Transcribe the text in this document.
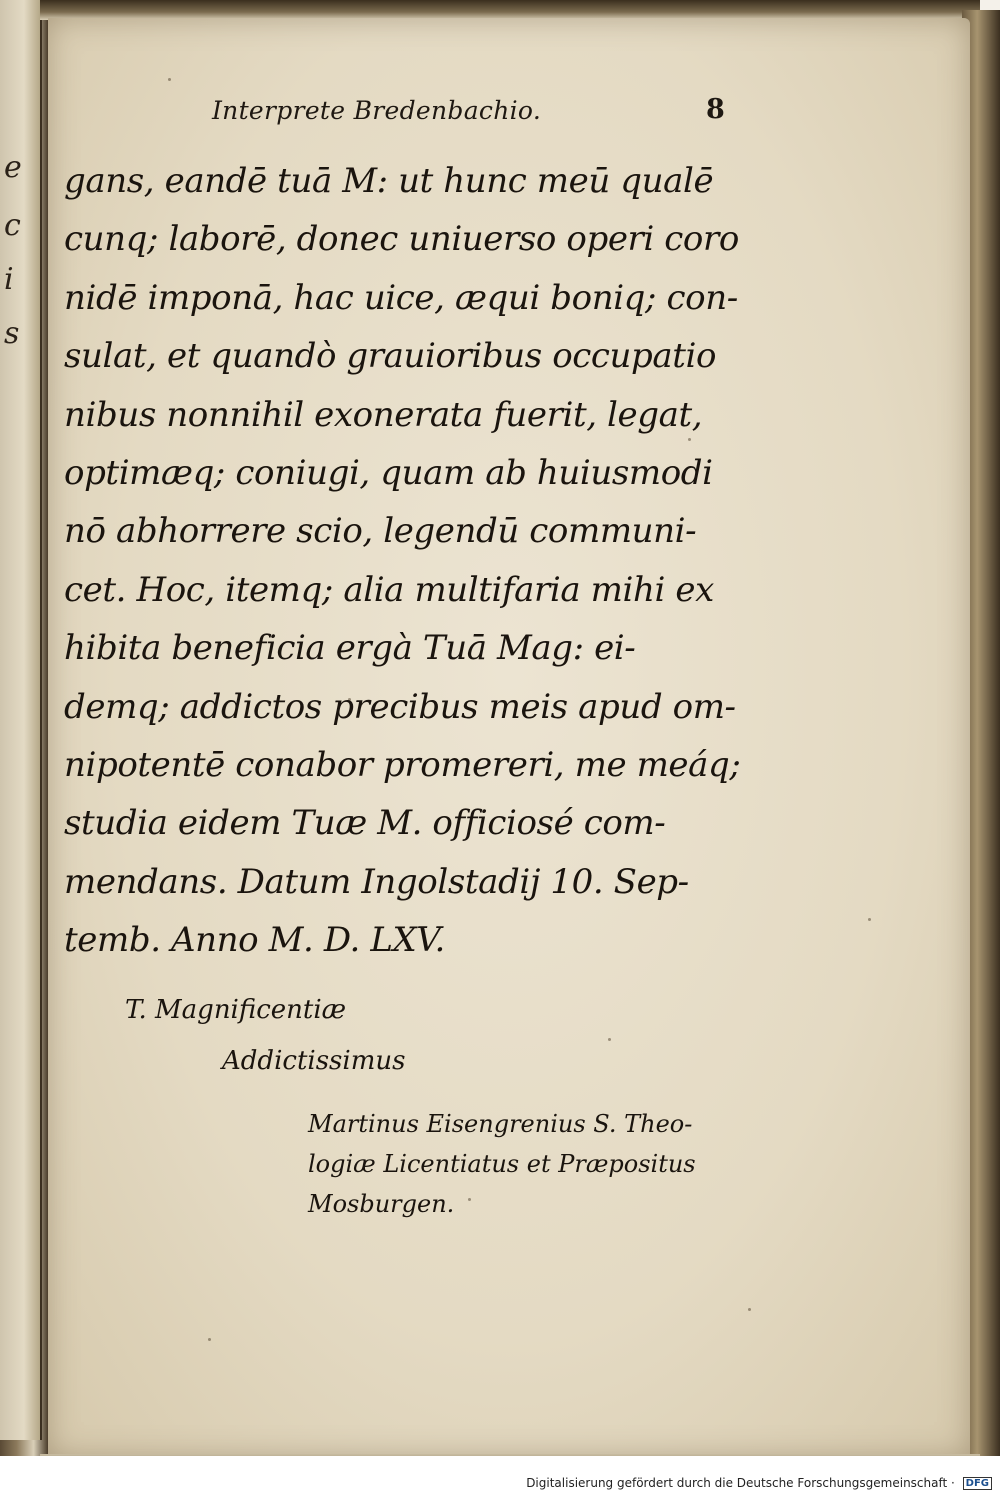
e
c
i
s
Interprete Bredenbachio.	8
gans, eandē tuā M: ut hunc meū qualē
cunq; laborē, donec uniuerso operi coro
nidē imponā, hac uice, æqui boniq; con-
sulat, et quandò grauioribus occupatio
nibus nonnihil exonerata fuerit, legat,
optimæq; coniugi, quam ab huiusmodi
nō abhorrere scio, legendū communi-
cet. Hoc, itemq; alia multifaria mihi ex
hibita beneficia ergà Tuā Mag: ei-
demq; addictos precibus meis apud om-
nipotentē conabor promereri, me meáq;
studia eidem Tuæ M. officiosé com-
mendans. Datum Ingolstadij 10. Sep-
temb. Anno M. D. LXV.
T. Magnificentiæ
Addictissimus
Martinus Eisengrenius S. Theo-
logiæ Licentiatus et Præpositus
Mosburgen.
Digitalisierung gefördert durch die Deutsche Forschungsgemeinschaft · DFG
